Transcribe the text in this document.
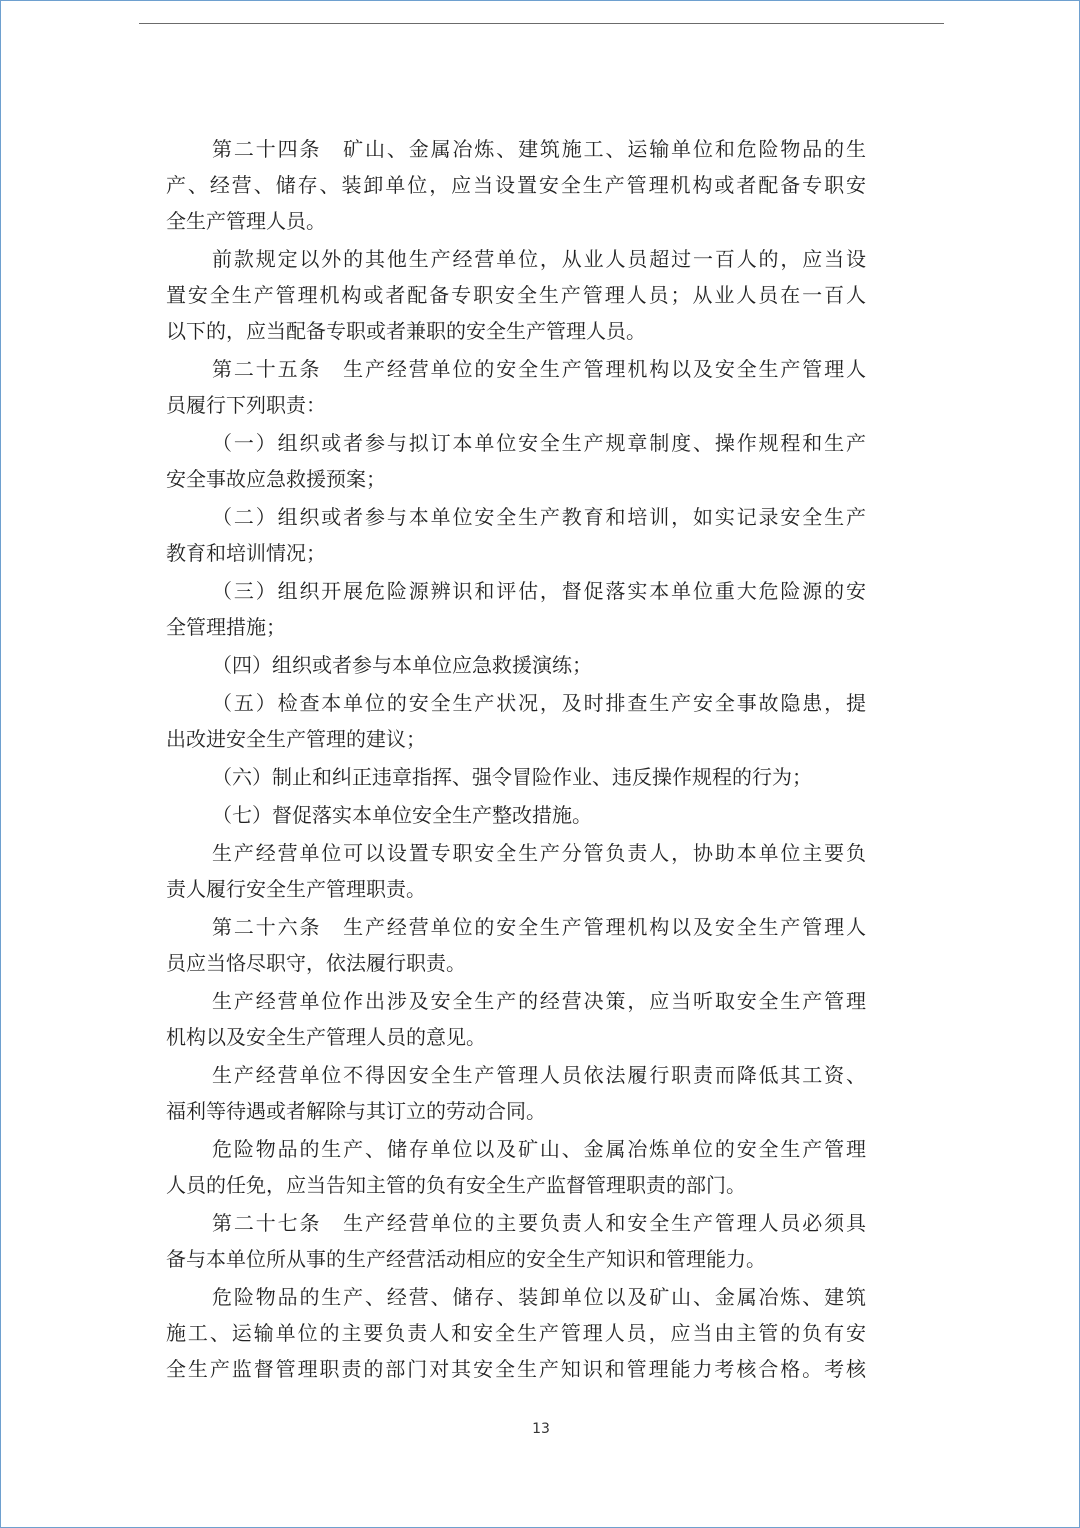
第二十四条　矿山、金属冶炼、建筑施工、运输单位和危险物品的生
产、经营、储存、装卸单位，应当设置安全生产管理机构或者配备专职安
全生产管理人员。
前款规定以外的其他生产经营单位，从业人员超过一百人的，应当设
置安全生产管理机构或者配备专职安全生产管理人员；从业人员在一百人
以下的，应当配备专职或者兼职的安全生产管理人员。
第二十五条　生产经营单位的安全生产管理机构以及安全生产管理人
员履行下列职责：
（一）组织或者参与拟订本单位安全生产规章制度、操作规程和生产
安全事故应急救援预案；
（二）组织或者参与本单位安全生产教育和培训，如实记录安全生产
教育和培训情况；
（三）组织开展危险源辨识和评估，督促落实本单位重大危险源的安
全管理措施；
（四）组织或者参与本单位应急救援演练；
（五）检查本单位的安全生产状况，及时排查生产安全事故隐患，提
出改进安全生产管理的建议；
（六）制止和纠正违章指挥、强令冒险作业、违反操作规程的行为；
（七）督促落实本单位安全生产整改措施。
生产经营单位可以设置专职安全生产分管负责人，协助本单位主要负
责人履行安全生产管理职责。
第二十六条　生产经营单位的安全生产管理机构以及安全生产管理人
员应当恪尽职守，依法履行职责。
生产经营单位作出涉及安全生产的经营决策，应当听取安全生产管理
机构以及安全生产管理人员的意见。
生产经营单位不得因安全生产管理人员依法履行职责而降低其工资、
福利等待遇或者解除与其订立的劳动合同。
危险物品的生产、储存单位以及矿山、金属冶炼单位的安全生产管理
人员的任免，应当告知主管的负有安全生产监督管理职责的部门。
第二十七条　生产经营单位的主要负责人和安全生产管理人员必须具
备与本单位所从事的生产经营活动相应的安全生产知识和管理能力。
危险物品的生产、经营、储存、装卸单位以及矿山、金属冶炼、建筑
施工、运输单位的主要负责人和安全生产管理人员，应当由主管的负有安
全生产监督管理职责的部门对其安全生产知识和管理能力考核合格。考核
13
